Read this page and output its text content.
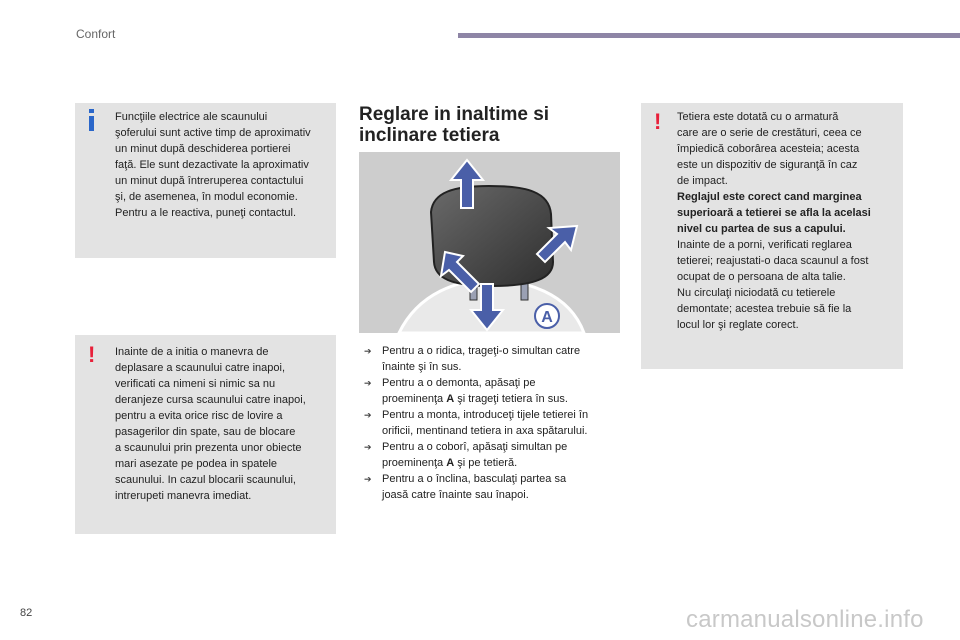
Confort

Funcţiile electrice ale scaunului

şoferului sunt active timp de aproximativ

un minut după deschiderea portierei

faţă. Ele sunt dezactivate la aproximativ

un minut după întreruperea contactului

şi, de asemenea, în modul economie.

Pentru a le reactiva, puneţi contactul.

! Inainte de a initia o manevra de

deplasare a scaunului catre inapoi,

verificati ca nimeni si nimic sa nu

deranjeze cursa scaunului catre inapoi,

pentru a evita orice risc de lovire a

pasagerilor din spate, sau de blocare

a scaunului prin prezenta unor obiecte

mari asezate pe podea in spatele

scaunului. In cazul blocarii scaunului,

intrerupeti manevra imediat.

Reglare in inaltime si
inclinare tetiera
A
➔ Pentru a o ridica, trageţi-o simultan catre
înainte şi în sus.
➔ Pentru a o demonta, apăsaţi pe
proeminenţa A şi trageţi tetiera în sus.
➔ Pentru a monta, introduceţi tijele tetierei în
orificii, mentinand tetiera in axa spătarului.
➔ Pentru a o coborî, apăsaţi simultan pe
proeminenţa A şi pe tetieră.
➔ Pentru a o înclina, basculaţi partea sa
joasă catre înainte sau înapoi.
! Tetiera este dotată cu o armatură

care are o serie de crestături, ceea ce

împiedică coborârea acesteia; acesta

este un dispozitiv de siguranţă în caz

de impact.

Reglajul este corect cand marginea

superioară a tetierei se afla la acelasi

nivel cu partea de sus a capului.

Inainte de a porni, verificati reglarea

tetierei; reajustati-o daca scaunul a fost

ocupat de o persoana de alta talie.

Nu circulaţi niciodată cu tetierele

demontate; acestea trebuie să fie la

locul lor şi reglate corect.

82	carmanualsonline.info
